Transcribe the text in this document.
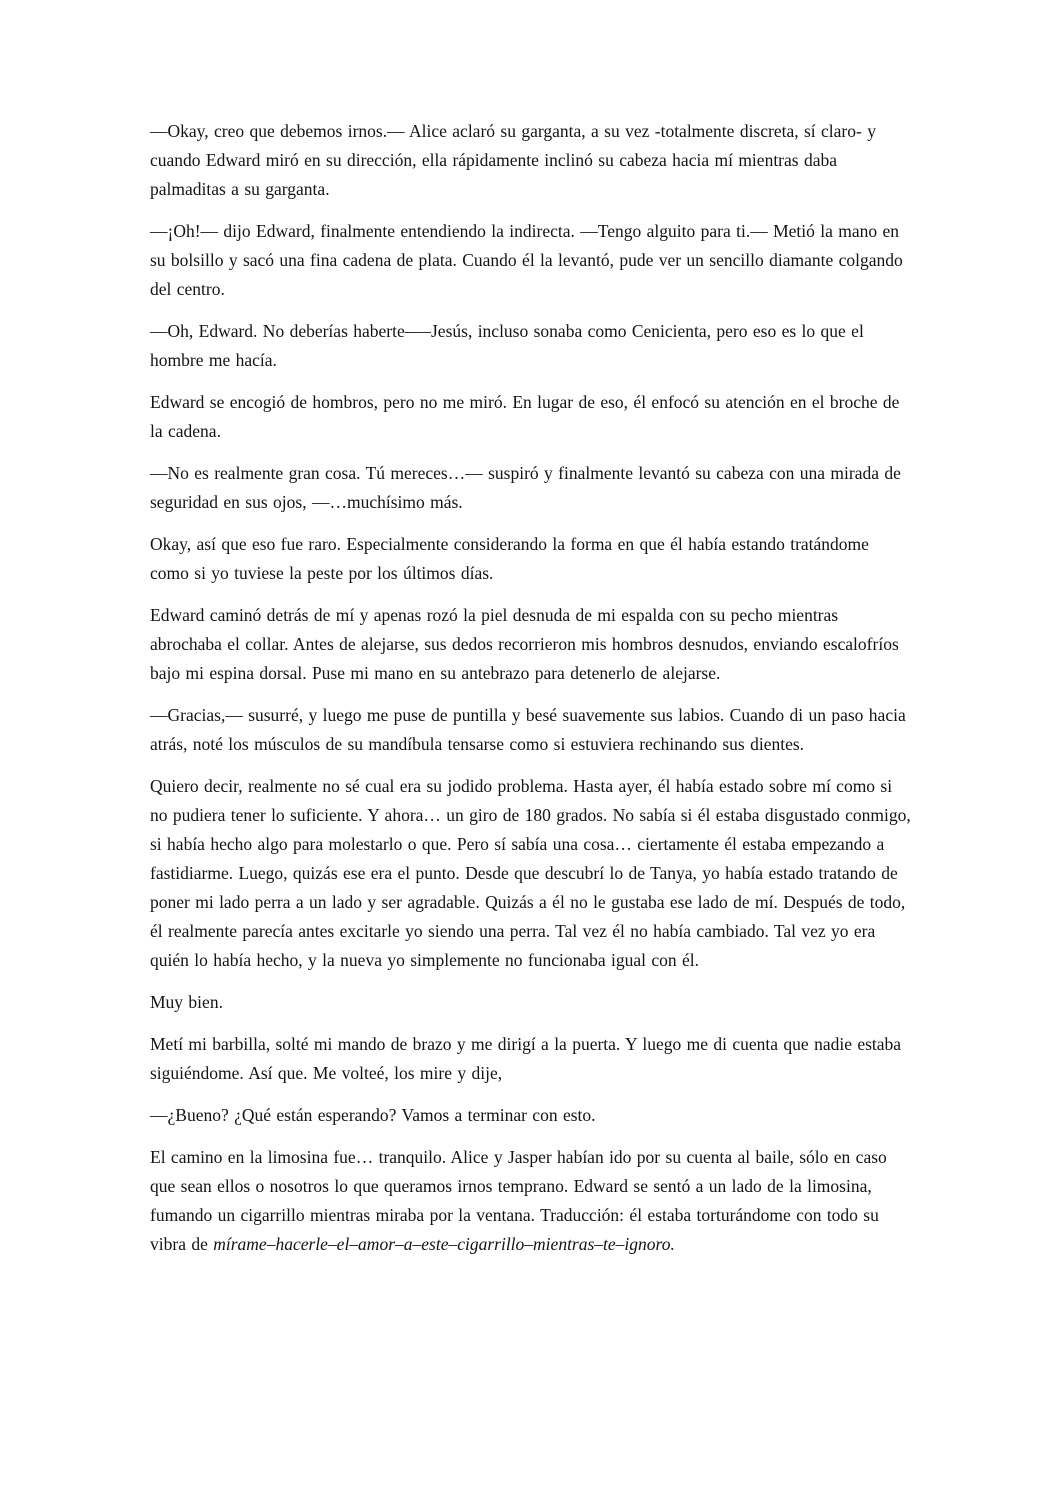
—Okay, creo que debemos irnos.— Alice aclaró su garganta, a su vez -totalmente discreta, sí claro- y cuando Edward miró en su dirección, ella rápidamente inclinó su cabeza hacia mí mientras daba palmaditas a su garganta.

—¡Oh!— dijo Edward, finalmente entendiendo la indirecta. —Tengo alguito para ti.— Metió la mano en su bolsillo y sacó una fina cadena de plata. Cuando él la levantó, pude ver un sencillo diamante colgando del centro.

—Oh, Edward. No deberías haberte–—Jesús, incluso sonaba como Cenicienta, pero eso es lo que el hombre me hacía.

Edward se encogió de hombros, pero no me miró. En lugar de eso, él enfocó su atención en el broche de la cadena.

—No es realmente gran cosa. Tú mereces…— suspiró y finalmente levantó su cabeza con una mirada de seguridad en sus ojos, —…muchísimo más.

Okay, así que eso fue raro. Especialmente considerando la forma en que él había estando tratándome como si yo tuviese la peste por los últimos días.

Edward caminó detrás de mí y apenas rozó la piel desnuda de mi espalda con su pecho mientras abrochaba el collar. Antes de alejarse, sus dedos recorrieron mis hombros desnudos, enviando escalofríos bajo mi espina dorsal. Puse mi mano en su antebrazo para detenerlo de alejarse.

—Gracias,— susurré, y luego me puse de puntilla y besé suavemente sus labios. Cuando di un paso hacia atrás, noté los músculos de su mandíbula tensarse como si estuviera rechinando sus dientes.

Quiero decir, realmente no sé cual era su jodido problema. Hasta ayer, él había estado sobre mí como si no pudiera tener lo suficiente. Y ahora… un giro de 180 grados. No sabía si él estaba disgustado conmigo, si había hecho algo para molestarlo o que. Pero sí sabía una cosa… ciertamente él estaba empezando a fastidiarme. Luego, quizás ese era el punto. Desde que descubrí lo de Tanya, yo había estado tratando de poner mi lado perra a un lado y ser agradable. Quizás a él no le gustaba ese lado de mí. Después de todo, él realmente parecía antes excitarle yo siendo una perra. Tal vez él no había cambiado. Tal vez yo era quién lo había hecho, y la nueva yo simplemente no funcionaba igual con él.

Muy bien.

Metí mi barbilla, solté mi mando de brazo y me dirigí a la puerta. Y luego me di cuenta que nadie estaba siguiéndome. Así que. Me volteé, los mire y dije,

—¿Bueno? ¿Qué están esperando? Vamos a terminar con esto.

El camino en la limosina fue… tranquilo. Alice y Jasper habían ido por su cuenta al baile, sólo en caso que sean ellos o nosotros lo que queramos irnos temprano. Edward se sentó a un lado de la limosina, fumando un cigarrillo mientras miraba por la ventana. Traducción: él estaba torturándome con todo su vibra de mírame–hacerle–el–amor–a–este–cigarrillo–mientras–te–ignoro.
